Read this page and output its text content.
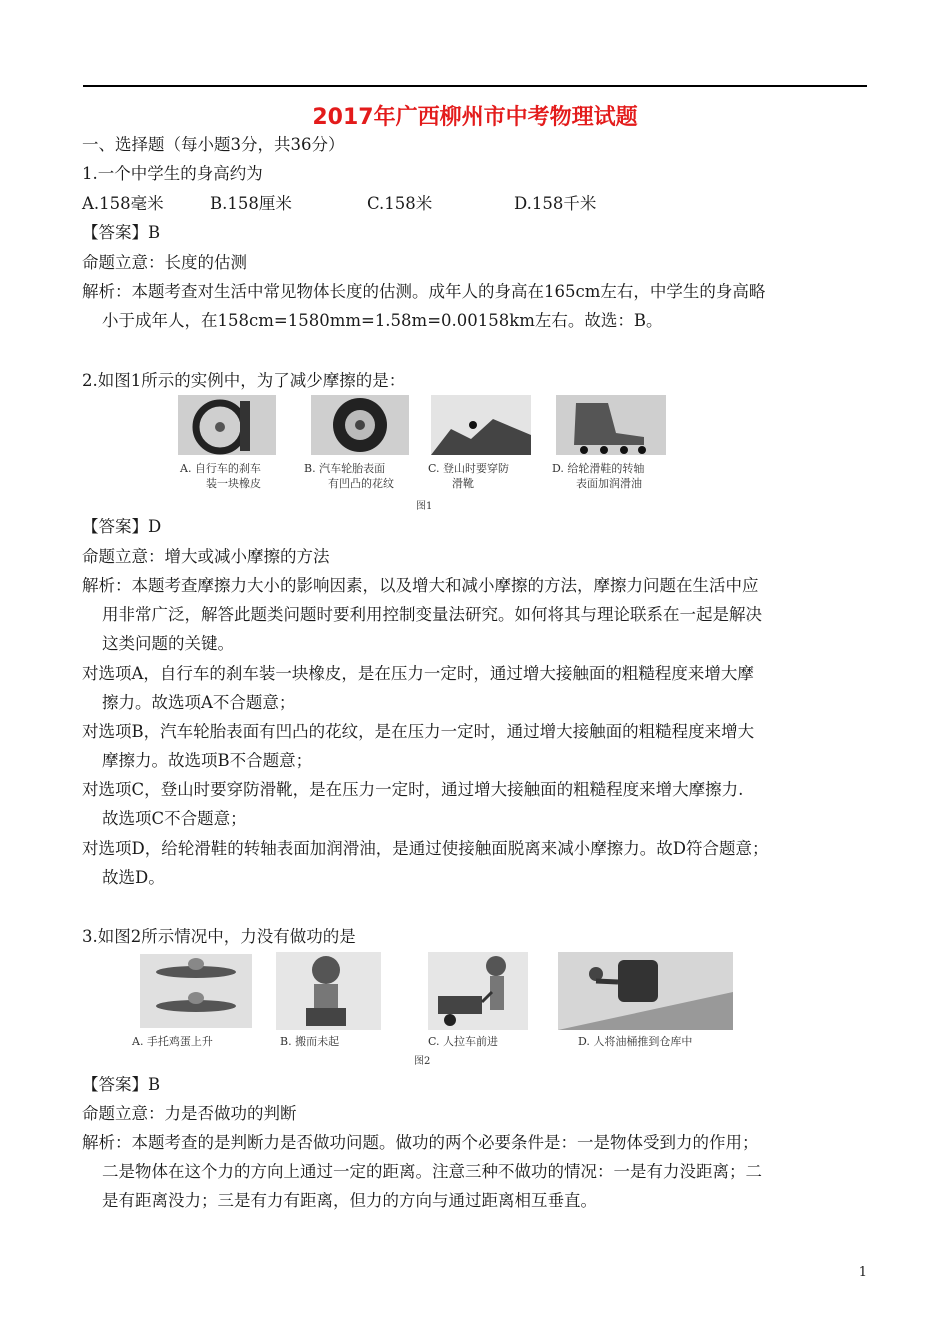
2017年广西柳州市中考物理试题
一、选择题（每小题3分，共36分）
1.一个中学生的身高约为
A.158毫米	B.158厘米	C.158米	D.158千米
【答案】B
命题立意：长度的估测
解析：本题考查对生活中常见物体长度的估测。成年人的身高在165cm左右，中学生的身高略
小于成年人，在158cm=1580mm=1.58m=0.00158km左右。故选：B。
2.如图1所示的实例中，为了减少摩擦的是：
A. 自行车的刹车
装一块橡皮
B. 汽车轮胎表面
有凹凸的花纹
C. 登山时要穿防
滑靴
D. 给轮滑鞋的转轴
表面加润滑油
图1
【答案】D
命题立意：增大或减小摩擦的方法
解析：本题考查摩擦力大小的影响因素，以及增大和减小摩擦的方法，摩擦力问题在生活中应
用非常广泛，解答此题类问题时要利用控制变量法研究。如何将其与理论联系在一起是解决
这类问题的关键。
对选项A，自行车的刹车装一块橡皮，是在压力一定时，通过增大接触面的粗糙程度来增大摩
擦力。故选项A不合题意；
对选项B，汽车轮胎表面有凹凸的花纹，是在压力一定时，通过增大接触面的粗糙程度来增大
摩擦力。故选项B不合题意；
对选项C，登山时要穿防滑靴，是在压力一定时，通过增大接触面的粗糙程度来增大摩擦力.
故选项C不合题意；
对选项D，给轮滑鞋的转轴表面加润滑油，是通过使接触面脱离来减小摩擦力。故D符合题意；
故选D。
3.如图2所示情况中，力没有做功的是
A. 手托鸡蛋上升	B. 搬而未起	C. 人拉车前进	D. 人将油桶推到仓库中
图2
【答案】B
命题立意：力是否做功的判断
解析：本题考查的是判断力是否做功问题。做功的两个必要条件是：一是物体受到力的作用；
二是物体在这个力的方向上通过一定的距离。注意三种不做功的情况：一是有力没距离；二
是有距离没力；三是有力有距离，但力的方向与通过距离相互垂直。
1
